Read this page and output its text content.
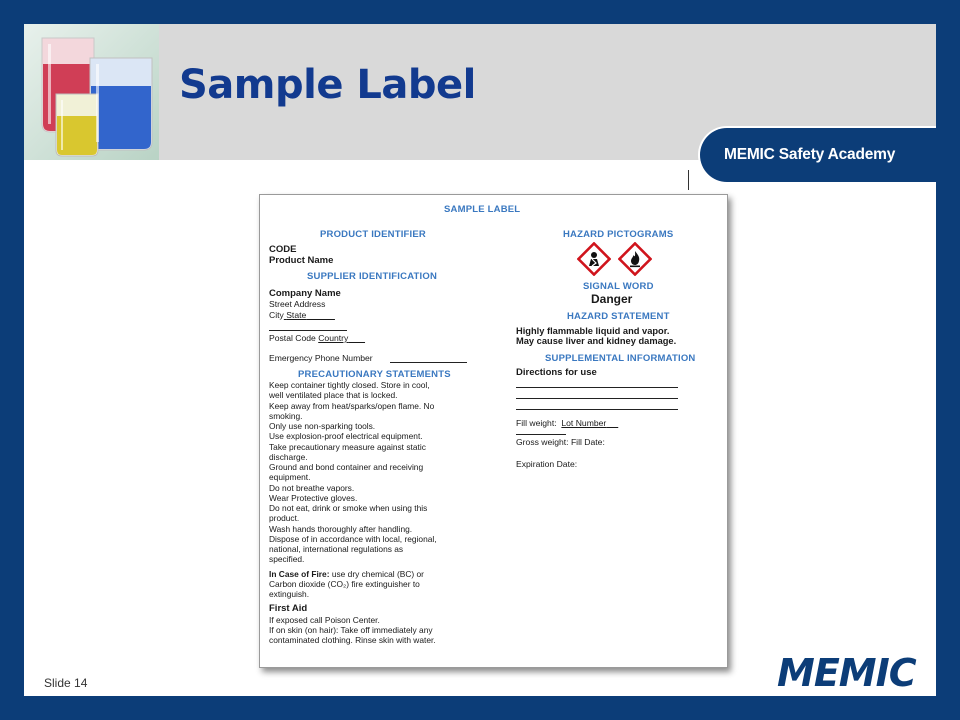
Sample Label
Slide 14
MEMIC Safety Academy
MEMIC
SAMPLE LABEL
PRODUCT IDENTIFIER
CODE
Product Name
SUPPLIER IDENTIFICATION
Company Name
Street Address
City State
Postal Code Country
Emergency Phone Number
PRECAUTIONARY STATEMENTS
Keep container tightly closed. Store in cool,
well ventilated place that is locked.
Keep away from heat/sparks/open flame. No
smoking.
Only use non-sparking tools.
Use explosion-proof electrical equipment.
Take precautionary measure against static
discharge.
Ground and bond container and receiving
equipment.
Do not breathe vapors.
Wear Protective gloves.
Do not eat, drink or smoke when using this
product.
Wash hands thoroughly after handling.
Dispose of in accordance with local, regional,
national, international regulations as
specified.
In Case of Fire: use dry chemical (BC) or
Carbon dioxide (CO₂) fire extinguisher to
extinguish.
First Aid
If exposed call Poison Center.
If on skin (on hair): Take off immediately any
contaminated clothing. Rinse skin with water.
HAZARD PICTOGRAMS
SIGNAL WORD
Danger
HAZARD STATEMENT
Highly flammable liquid and vapor.
May cause liver and kidney damage.
SUPPLEMENTAL INFORMATION
Directions for use
Fill weight: Lot Number
Gross weight: Fill Date:
Expiration Date:
